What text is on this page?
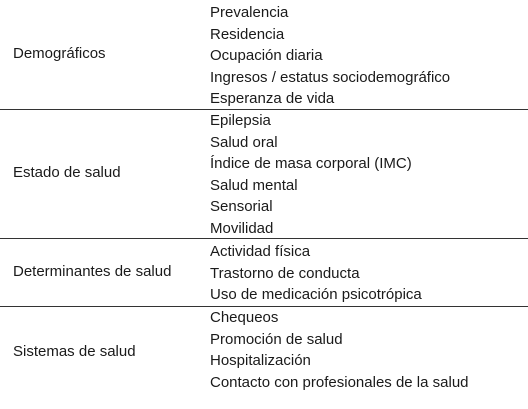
Demográficos
Prevalencia
Residencia
Ocupación diaria
Ingresos / estatus sociodemográfico
Esperanza de vida
Estado de salud
Epilepsia
Salud oral
Índice de masa corporal (IMC)
Salud mental
Sensorial
Movilidad
Determinantes de salud
Actividad física
Trastorno de conducta
Uso de medicación psicotrópica
Sistemas de salud
Chequeos
Promoción de salud
Hospitalización
Contacto con profesionales de la salud
